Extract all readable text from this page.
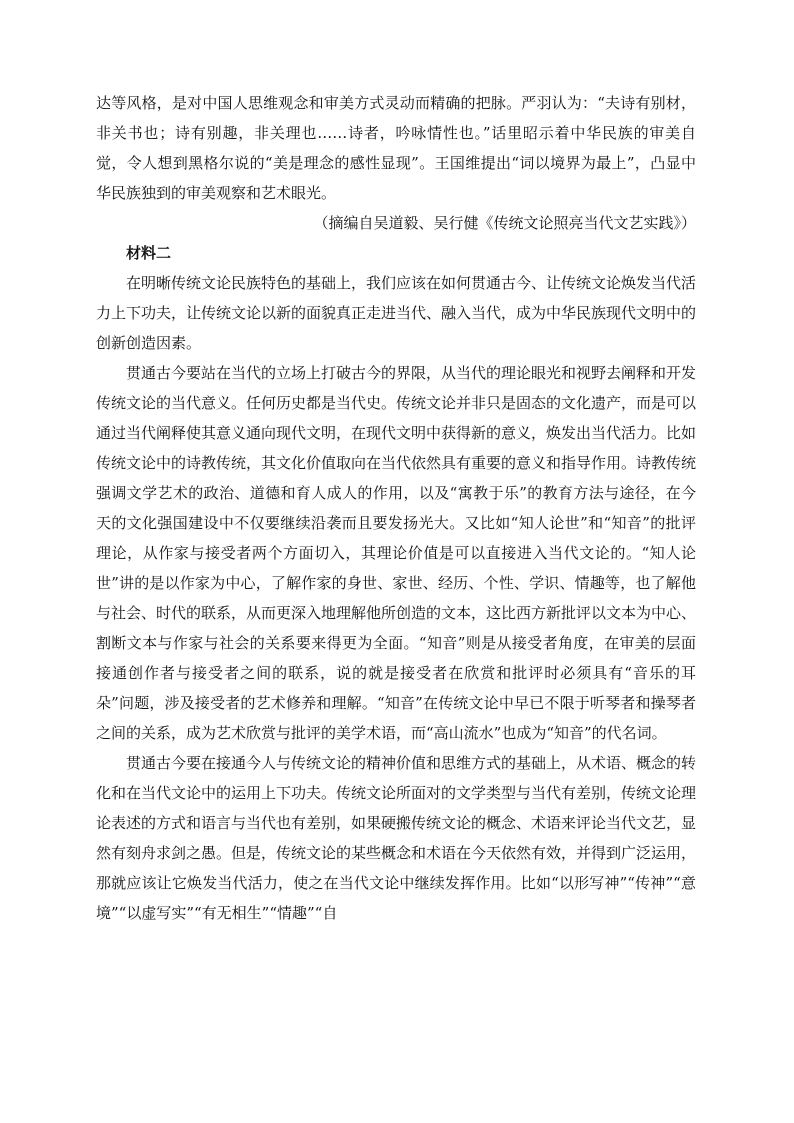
达等风格，是对中国人思维观念和审美方式灵动而精确的把脉。严羽认为：“夫诗有别材，非关书也；诗有别趣，非关理也……诗者，吟咏情性也。”话里昭示着中华民族的审美自觉，令人想到黑格尔说的“美是理念的感性显现”。王国维提出“词以境界为最上”，凸显中华民族独到的审美观察和艺术眼光。

（摘编自吴道毅、吴行健《传统文论照亮当代文艺实践》）

材料二

在明晰传统文论民族特色的基础上，我们应该在如何贯通古今、让传统文论焕发当代活力上下功夫，让传统文论以新的面貌真正走进当代、融入当代，成为中华民族现代文明中的创新创造因素。

贯通古今要站在当代的立场上打破古今的界限，从当代的理论眼光和视野去阐释和开发传统文论的当代意义。任何历史都是当代史。传统文论并非只是固态的文化遗产，而是可以通过当代阐释使其意义通向现代文明，在现代文明中获得新的意义，焕发出当代活力。比如传统文论中的诗教传统，其文化价值取向在当代依然具有重要的意义和指导作用。诗教传统强调文学艺术的政治、道德和育人成人的作用，以及“寓教于乐”的教育方法与途径，在今天的文化强国建设中不仅要继续沿袭而且要发扬光大。又比如“知人论世”和“知音”的批评理论，从作家与接受者两个方面切入，其理论价值是可以直接进入当代文论的。“知人论世”讲的是以作家为中心，了解作家的身世、家世、经历、个性、学识、情趣等，也了解他与社会、时代的联系，从而更深入地理解他所创造的文本，这比西方新批评以文本为中心、割断文本与作家与社会的关系要来得更为全面。“知音”则是从接受者角度，在审美的层面接通创作者与接受者之间的联系，说的就是接受者在欣赏和批评时必须具有“音乐的耳朵”问题，涉及接受者的艺术修养和理解。“知音”在传统文论中早已不限于听琴者和操琴者之间的关系，成为艺术欣赏与批评的美学术语，而“高山流水”也成为“知音”的代名词。

贯通古今要在接通今人与传统文论的精神价值和思维方式的基础上，从术语、概念的转化和在当代文论中的运用上下功夫。传统文论所面对的文学类型与当代有差别，传统文论理论表述的方式和语言与当代也有差别，如果硬搬传统文论的概念、术语来评论当代文艺，显然有刻舟求剑之愚。但是，传统文论的某些概念和术语在今天依然有效，并得到广泛运用，那就应该让它焕发当代活力，使之在当代文论中继续发挥作用。比如“以形写神”“传神”“意境”“以虚写实”“有无相生”“情趣”“自
